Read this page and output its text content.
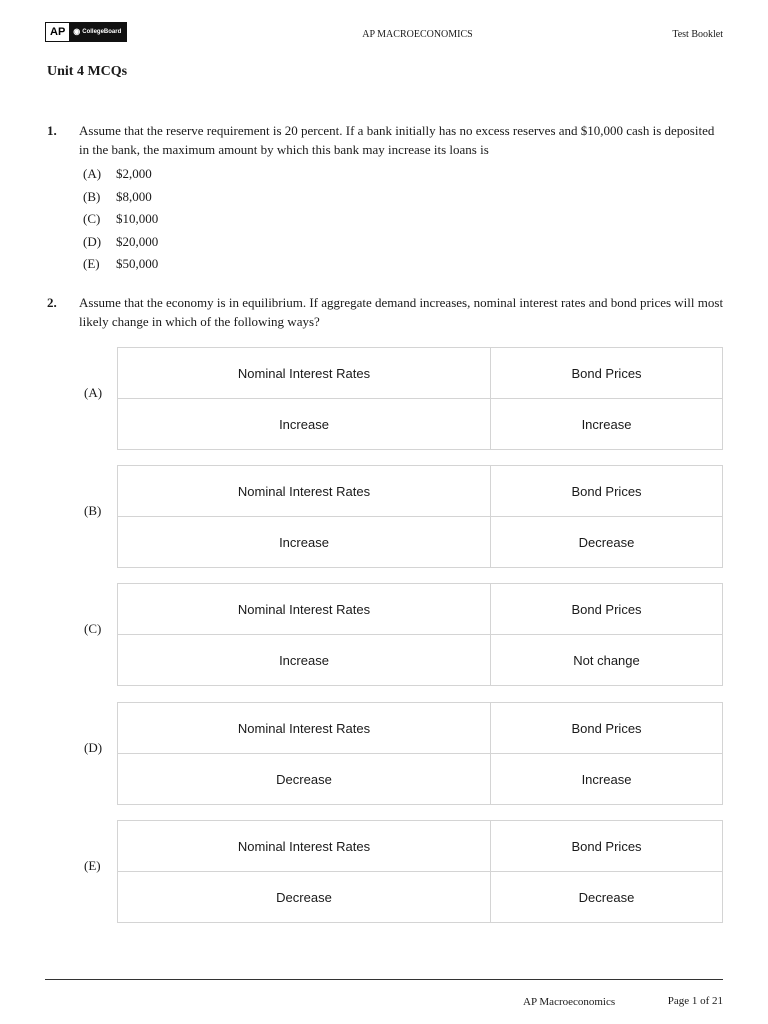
AP	◉ CollegeBoard	AP MACROECONOMICS	Test Booklet
Unit 4 MCQs
1. Assume that the reserve requirement is 20 percent. If a bank initially has no excess reserves and $10,000 cash is deposited in the bank, the maximum amount by which this bank may increase its loans is
(A)	$2,000
(B)	$8,000
(C)	$10,000
(D)	$20,000
(E)	$50,000
2. Assume that the economy is in equilibrium. If aggregate demand increases, nominal interest rates and bond prices will most likely change in which of the following ways?
(A)
Nominal Interest Rates	Bond Prices
Increase	Increase
(B)
Nominal Interest Rates	Bond Prices
Increase	Decrease
(C)
Nominal Interest Rates	Bond Prices
Increase	Not change
(D)
Nominal Interest Rates	Bond Prices
Decrease	Increase
(E)
Nominal Interest Rates	Bond Prices
Decrease	Decrease
AP Macroeconomics	Page 1 of 21
